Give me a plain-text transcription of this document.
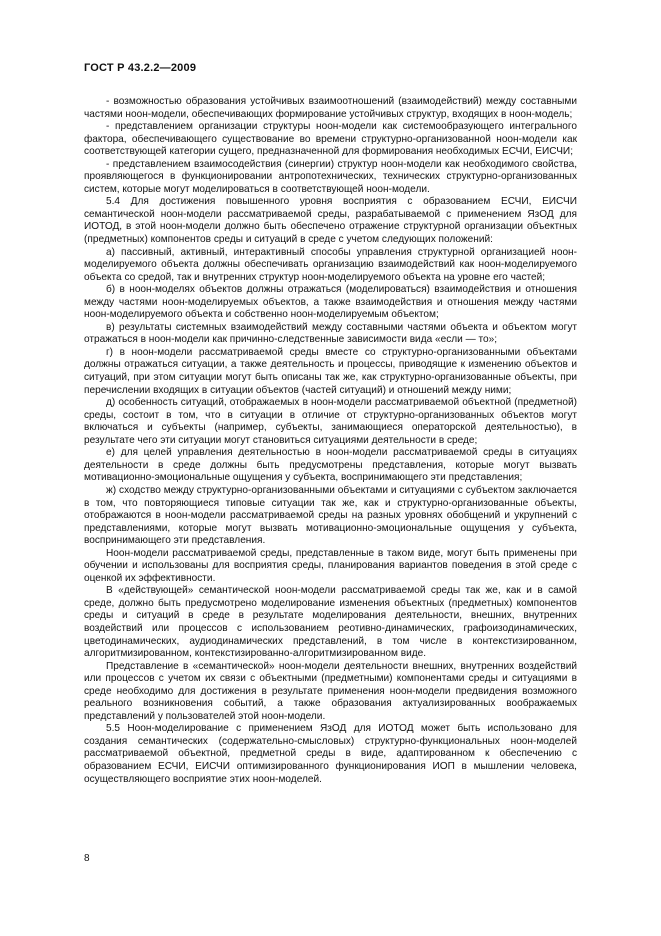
ГОСТ Р 43.2.2—2009

- возможностью образования устойчивых взаимоотношений (взаимодействий) между составными частями ноон-модели, обеспечивающих формирование устойчивых структур, входящих в ноон-модель;

- представлением организации структуры ноон-модели как системообразующего интегрального фактора, обеспечивающего существование во времени структурно-организованной ноон-модели как соответствующей категории сущего, предназначенной для формирования необходимых ЕСЧИ, ЕИСЧИ;

- представлением взаимосодействия (синергии) структур ноон-модели как необходимого свойства, проявляющегося в функционировании антропотехнических, технических структурно-организованных систем, которые могут моделироваться в соответствующей ноон-модели.

5.4 Для достижения повышенного уровня восприятия с образованием ЕСЧИ, ЕИСЧИ семантической ноон-модели рассматриваемой среды, разрабатываемой с применением ЯзОД для ИОТОД, в этой ноон-модели должно быть обеспечено отражение структурной организации объектных (предметных) компонентов среды и ситуаций в среде с учетом следующих положений:

а) пассивный, активный, интерактивный способы управления структурной организацией ноон-моделируемого объекта должны обеспечивать организацию взаимодействий как ноон-моделируемого объекта со средой, так и внутренних структур ноон-моделируемого объекта на уровне его частей;

б) в ноон-моделях объектов должны отражаться (моделироваться) взаимодействия и отношения между частями ноон-моделируемых объектов, а также взаимодействия и отношения между частями ноон-моделируемого объекта и собственно ноон-моделируемым объектом;

в) результаты системных взаимодействий между составными частями объекта и объектом могут отражаться в ноон-модели как причинно-следственные зависимости вида «если — то»;

г) в ноон-модели рассматриваемой среды вместе со структурно-организованными объектами должны отражаться ситуации, а также деятельность и процессы, приводящие к изменению объектов и ситуаций, при этом ситуации могут быть описаны так же, как структурно-организованные объекты, при перечислении входящих в ситуации объектов (частей ситуаций) и отношений между ними;

д) особенность ситуаций, отображаемых в ноон-модели рассматриваемой объектной (предметной) среды, состоит в том, что в ситуации в отличие от структурно-организованных объектов могут включаться и субъекты (например, субъекты, занимающиеся операторской деятельностью), в результате чего эти ситуации могут становиться ситуациями деятельности в среде;

е) для целей управления деятельностью в ноон-модели рассматриваемой среды в ситуациях деятельности в среде должны быть предусмотрены представления, которые могут вызвать мотивационно-эмоциональные ощущения у субъекта, воспринимающего эти представления;

ж) сходство между структурно-организованными объектами и ситуациями с субъектом заключается в том, что повторяющиеся типовые ситуации так же, как и структурно-организованные объекты, отображаются в ноон-модели рассматриваемой среды на разных уровнях обобщений и укрупнений с представлениями, которые могут вызвать мотивационно-эмоциональные ощущения у субъекта, воспринимающего эти представления.

Ноон-модели рассматриваемой среды, представленные в таком виде, могут быть применены при обучении и использованы для восприятия среды, планирования вариантов поведения в этой среде с оценкой их эффективности.

В «действующей» семантической ноон-модели рассматриваемой среды так же, как и в самой среде, должно быть предусмотрено моделирование изменения объектных (предметных) компонентов среды и ситуаций в среде в результате моделирования деятельности, внешних, внутренних воздействий или процессов с использованием реотивно-динамических, графоизодинамических, цветодинамических, аудиодинамических представлений, в том числе в контекстизированном, алгоритмизированном, контекстизированно-алгоритмизированном виде.

Представление в «семантической» ноон-модели деятельности внешних, внутренних воздействий или процессов с учетом их связи с объектными (предметными) компонентами среды и ситуациями в среде необходимо для достижения в результате применения ноон-модели предвидения возможного реального возникновения событий, а также образования актуализированных воображаемых представлений у пользователей этой ноон-модели.

5.5 Ноон-моделирование с применением ЯзОД для ИОТОД может быть использовано для создания семантических (содержательно-смысловых) структурно-функциональных ноон-моделей рассматриваемой объектной, предметной среды в виде, адаптированном к обеспечению с образованием ЕСЧИ, ЕИСЧИ оптимизированного функционирования ИОП в мышлении человека, осуществляющего восприятие этих ноон-моделей.

8
